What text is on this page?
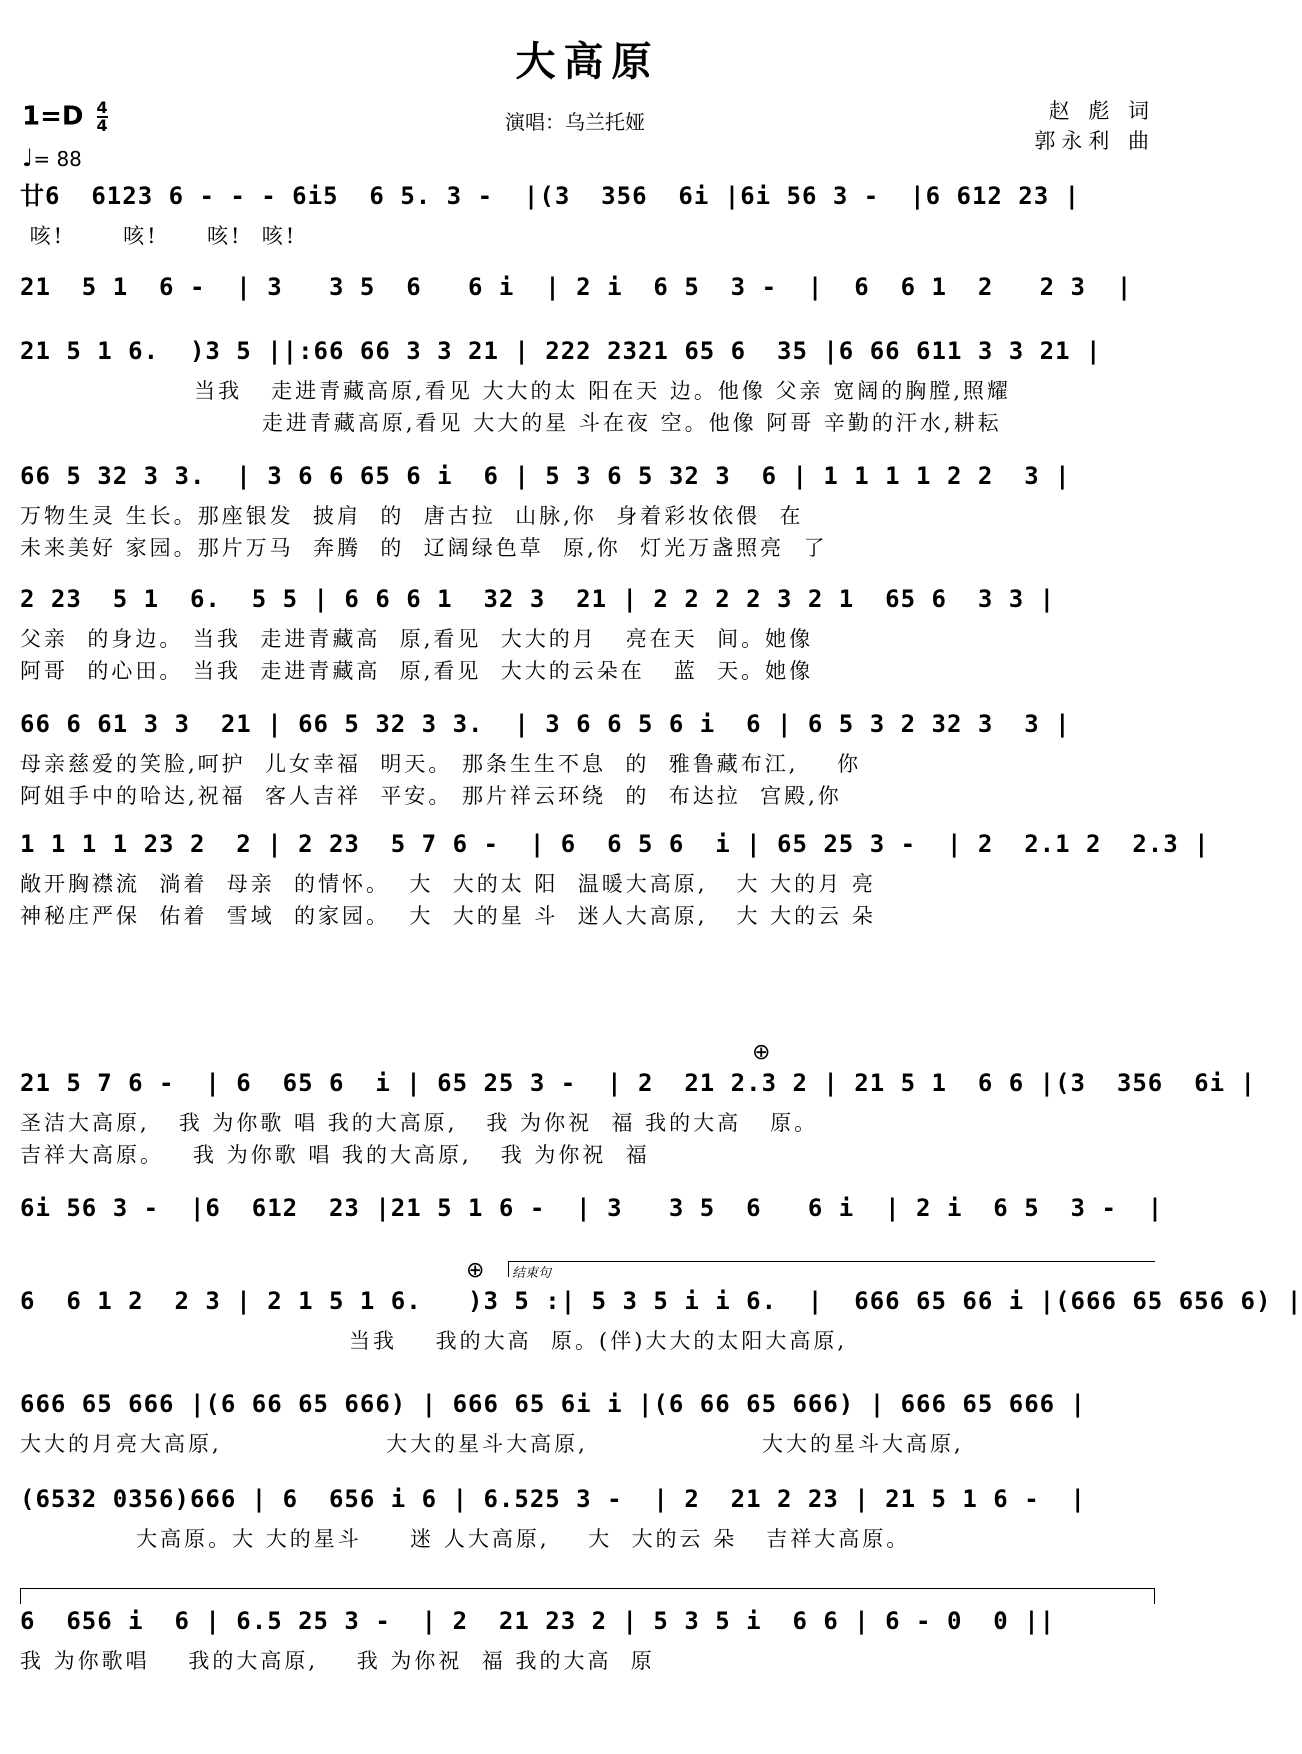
大高原
$1=D \frac{4}{4}$
♩= 88
演唱：乌兰托娅	赵 彪 词
郭永利 曲
廿6  6123 6 - - - 6i5  6 5. 3 -  |(3  356  6i |6i 56 3 -  |6 612 23 |
咳!      咳!     咳!  咳!
21  5 1  6 -  | 3   3 5  6   6 i  | 2 i  6 5  3 -  |  6  6 1  2   2 3  |
21 5 1 6.  )3 5 ||:66 66 3 3 21 | 222 2321 65 6  35 |6 66 611 3 3 21 |
当我   走进青藏高原,看见 大大的太 阳在天 边。他像 父亲 宽阔的胸膛,照耀
走进青藏高原,看见 大大的星 斗在夜 空。他像 阿哥 辛勤的汗水,耕耘
66 5 32 3 3.  | 3 6 6 65 6 i  6 | 5 3 6 5 32 3  6 | 1 1 1 1 2 2  3 |
万物生灵 生长。那座银发  披肩  的  唐古拉  山脉,你  身着彩妆依偎  在
未来美好 家园。那片万马  奔腾  的  辽阔绿色草  原,你  灯光万盏照亮  了
2 23  5 1  6.  5 5 | 6 6 6 1  32 3  21 | 2 2 2 2 3 2 1  65 6  3 3 |
父亲  的身边。 当我  走进青藏高  原,看见  大大的月   亮在天  间。她像
阿哥  的心田。 当我  走进青藏高  原,看见  大大的云朵在   蓝  天。她像
66 6 61 3 3  21 | 66 5 32 3 3.  | 3 6 6 5 6 i  6 | 6 5 3 2 32 3  3 |
母亲慈爱的笑脸,呵护  儿女幸福  明天。 那条生生不息  的  雅鲁藏布江,    你
阿姐手中的哈达,祝福  客人吉祥  平安。 那片祥云环绕  的  布达拉  宫殿,你
1 1 1 1 23 2  2 | 2 23  5 7 6 -  | 6  6 5 6  i | 65 25 3 -  | 2  2.1 2  2.3 |
敞开胸襟流  淌着  母亲  的情怀。  大  大的太 阳  温暖大高原,   大 大的月 亮
神秘庄严保  佑着  雪域  的家园。  大  大的星 斗  迷人大高原,   大 大的云 朵
⊕
21 5 7 6 -  | 6  65 6  i | 65 25 3 -  | 2  21 2.3 2 | 21 5 1  6 6 |(3  356  6i |
圣洁大高原,   我 为你歌 唱 我的大高原,   我 为你祝  福 我的大高   原。
吉祥大高原。   我 为你歌 唱 我的大高原,   我 为你祝  福
6i 56 3 -  |6  612  23 |21 5 1 6 -  | 3   3 5  6   6 i  | 2 i  6 5  3 -  |
⊕ 结束句
6  6 1 2  2 3 | 2 1 5 1 6.   )3 5 :| 5 3 5 i i 6.  |  666 65 66 i |(666 65 656 6) |
当我    我的大高  原。(伴)大大的太阳大高原,
666 65 666 |(6 66 65 666) | 666 65 6i i |(6 66 65 666) | 666 65 666 |
大大的月亮大高原,                 大大的星斗大高原,                  大大的星斗大高原,
(6532 0356)666 | 6  656 i 6 | 6.525 3 -  | 2  21 2 23 | 21 5 1 6 -  |
大高原。大 大的星斗     迷 人大高原,    大  大的云 朵   吉祥大高原。
6  656 i  6 | 6.5 25 3 -  | 2  21 23 2 | 5 3 5 i  6 6 | 6 - 0  0 ||
我 为你歌唱    我的大高原,    我 为你祝  福 我的大高  原
